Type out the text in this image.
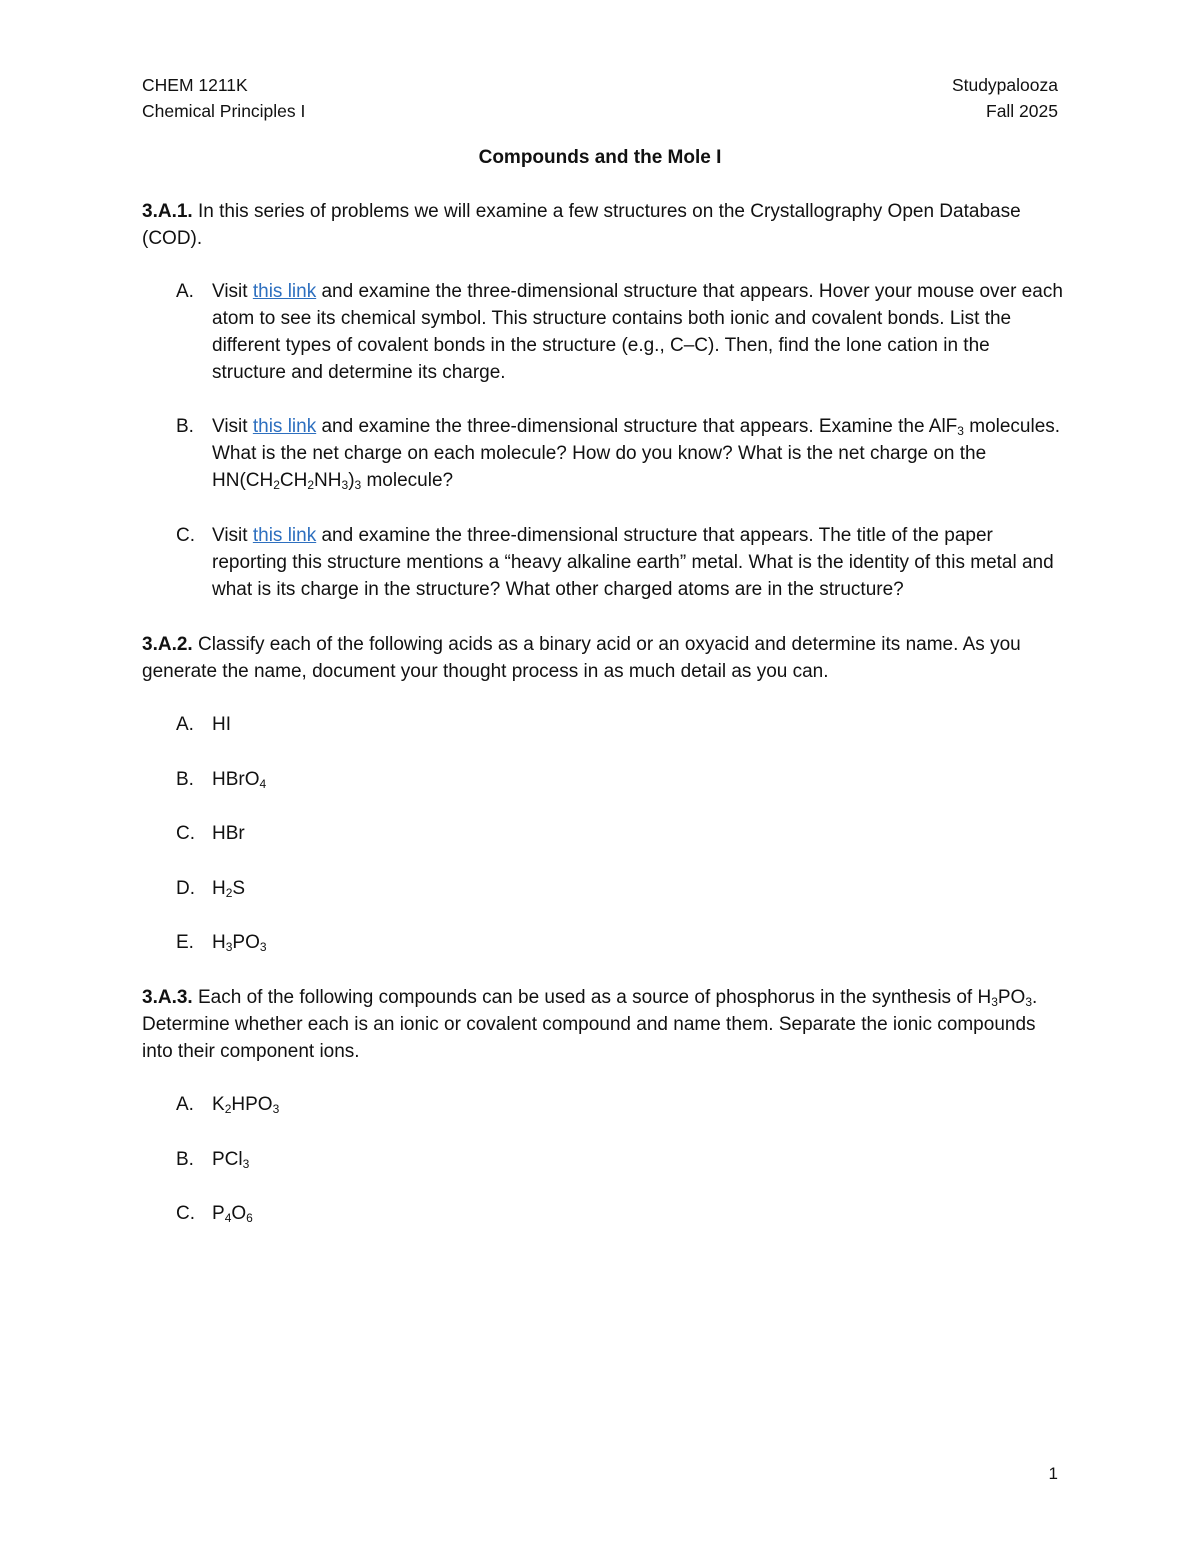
CHEM 1211K
Chemical Principles I
Studypalooza
Fall 2025
Compounds and the Mole I
3.A.1. In this series of problems we will examine a few structures on the Crystallography Open Database (COD).
A. Visit this link and examine the three-dimensional structure that appears. Hover your mouse over each atom to see its chemical symbol. This structure contains both ionic and covalent bonds. List the different types of covalent bonds in the structure (e.g., C–C). Then, find the lone cation in the structure and determine its charge.
B. Visit this link and examine the three-dimensional structure that appears. Examine the AlF$_3$ molecules. What is the net charge on each molecule? How do you know? What is the net charge on the $HN(CH_2CH_2NH_3)_3$ molecule?
C. Visit this link and examine the three-dimensional structure that appears. The title of the paper reporting this structure mentions a “heavy alkaline earth” metal. What is the identity of this metal and what is its charge in the structure? What other charged atoms are in the structure?
3.A.2. Classify each of the following acids as a binary acid or an oxyacid and determine its name. As you generate the name, document your thought process in as much detail as you can.
A. HI
B. HBrO$_4$
C. HBr
D. $H_2S$
E. $H_3PO_3$
3.A.3. Each of the following compounds can be used as a source of phosphorus in the synthesis of $H_3PO_3$. Determine whether each is an ionic or covalent compound and name them. Separate the ionic compounds into their component ions.
A. $K_2HPO_3$
B. PCl$_3$
C. $P_4O_6$
1
